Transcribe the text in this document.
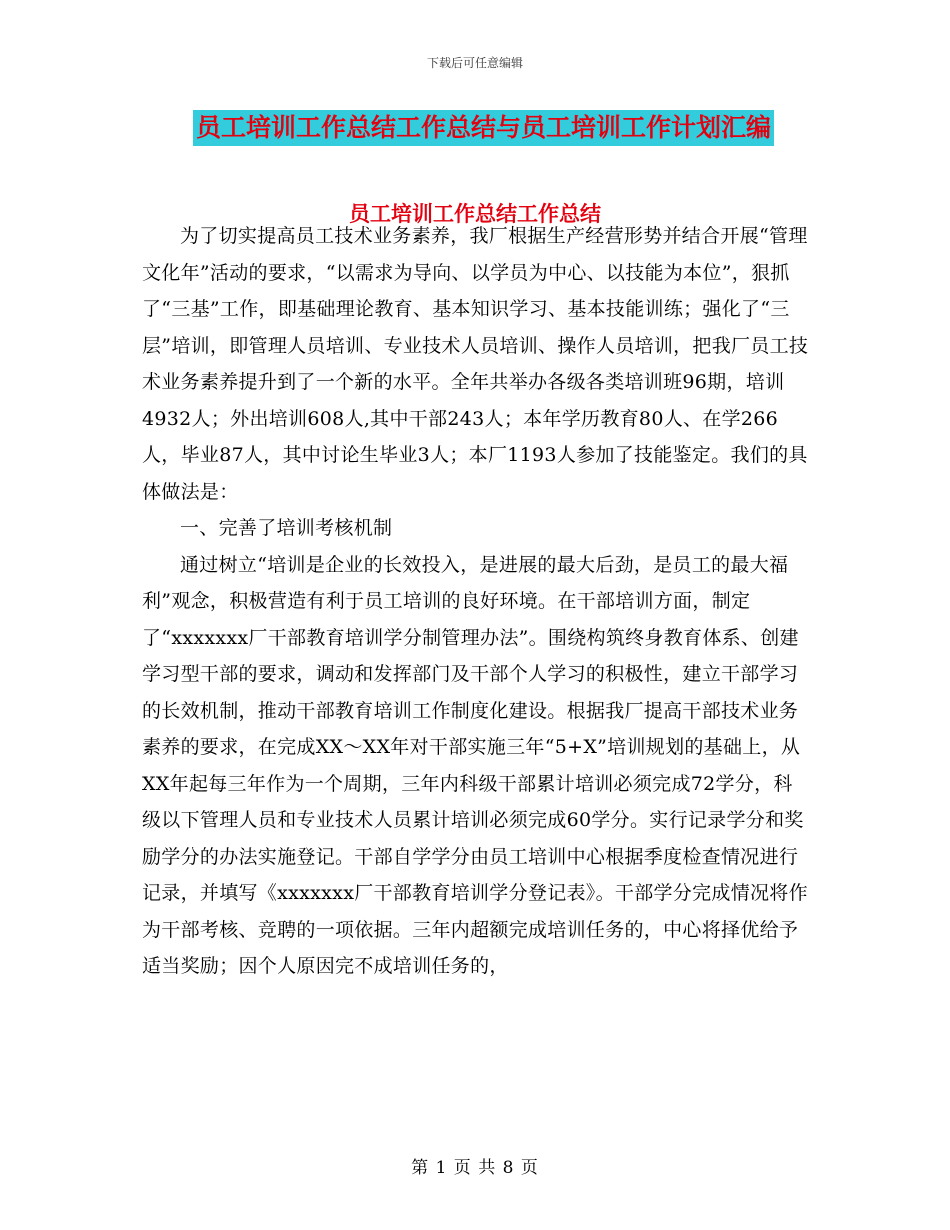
下载后可任意编辑
员工培训工作总结工作总结与员工培训工作计划汇编
员工培训工作总结工作总结

为了切实提高员工技术业务素养，我厂根据生产经营形势并结合开展“管理文化年”活动的要求，“以需求为导向、以学员为中心、以技能为本位”，狠抓了“三基”工作，即基础理论教育、基本知识学习、基本技能训练；强化了“三层”培训，即管理人员培训、专业技术人员培训、操作人员培训，把我厂员工技术业务素养提升到了一个新的水平。全年共举办各级各类培训班96期，培训4932人；外出培训608人,其中干部243人；本年学历教育80人、在学266人，毕业87人，其中讨论生毕业3人；本厂1193人参加了技能鉴定。我们的具体做法是：

一、完善了培训考核机制

通过树立“培训是企业的长效投入，是进展的最大后劲，是员工的最大福利”观念，积极营造有利于员工培训的良好环境。在干部培训方面，制定了“xxxxxxx厂干部教育培训学分制管理办法”。围绕构筑终身教育体系、创建学习型干部的要求，调动和发挥部门及干部个人学习的积极性，建立干部学习的长效机制，推动干部教育培训工作制度化建设。根据我厂提高干部技术业务素养的要求，在完成XX～XX年对干部实施三年“5+X”培训规划的基础上，从XX年起每三年作为一个周期，三年内科级干部累计培训必须完成72学分，科级以下管理人员和专业技术人员累计培训必须完成60学分。实行记录学分和奖励学分的办法实施登记。干部自学学分由员工培训中心根据季度检查情况进行记录，并填写《xxxxxxx厂干部教育培训学分登记表》。干部学分完成情况将作为干部考核、竞聘的一项依据。三年内超额完成培训任务的，中心将择优给予适当奖励；因个人原因完不成培训任务的，

第 1 页 共 8 页
